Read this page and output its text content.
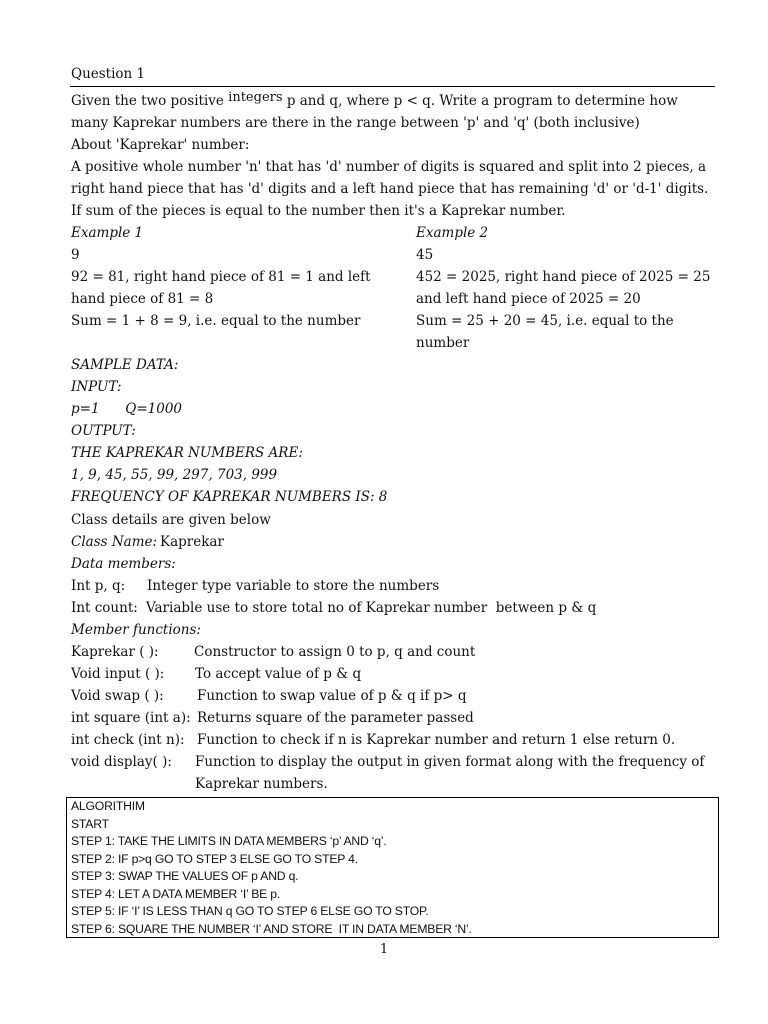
Question 1
Given the two positive integers p and q, where p < q. Write a program to determine how
many Kaprekar numbers are there in the range between 'p' and 'q' (both inclusive)
About 'Kaprekar' number:
A positive whole number 'n' that has 'd' number of digits is squared and split into 2 pieces, a
right hand piece that has 'd' digits and a left hand piece that has remaining 'd' or 'd-1' digits.
If sum of the pieces is equal to the number then it's a Kaprekar number.
Example 1
9
92 = 81, right hand piece of 81 = 1 and left
hand piece of 81 = 8
Sum = 1 + 8 = 9, i.e. equal to the number
Example 2
45
452 = 2025, right hand piece of 2025 = 25
and left hand piece of 2025 = 20
Sum = 25 + 20 = 45, i.e. equal to the
number
SAMPLE DATA:
INPUT:
p=1      Q=1000
OUTPUT:
THE KAPREKAR NUMBERS ARE:
1, 9, 45, 55, 99, 297, 703, 999
FREQUENCY OF KAPREKAR NUMBERS IS: 8
Class details are given below
Class Name: Kaprekar
Data members:
Int p, q: Integer type variable to store the numbers
Int count: Variable use to store total no of Kaprekar number  between p & q
Member functions:
Kaprekar ( ):	Constructor to assign 0 to p, q and count
Void input ( ): To accept value of p & q
Void swap ( ): Function to swap value of p & q if p> q
int square (int a): Returns square of the parameter passed
int check (int n): Function to check if n is Kaprekar number and return 1 else return 0.
void display( ): Function to display the output in given format along with the frequency of
Kaprekar numbers.
ALGORITHIM
START
STEP 1: TAKE THE LIMITS IN DATA MEMBERS ‘p’ AND ‘q’.
STEP 2: IF p>q GO TO STEP 3 ELSE GO TO STEP 4.
STEP 3: SWAP THE VALUES OF p AND q.
STEP 4: LET A DATA MEMBER ‘I’ BE p.
STEP 5: IF ‘I’ IS LESS THAN q GO TO STEP 6 ELSE GO TO STOP.
STEP 6: SQUARE THE NUMBER ‘I’ AND STORE  IT IN DATA MEMBER ‘N’.
1
